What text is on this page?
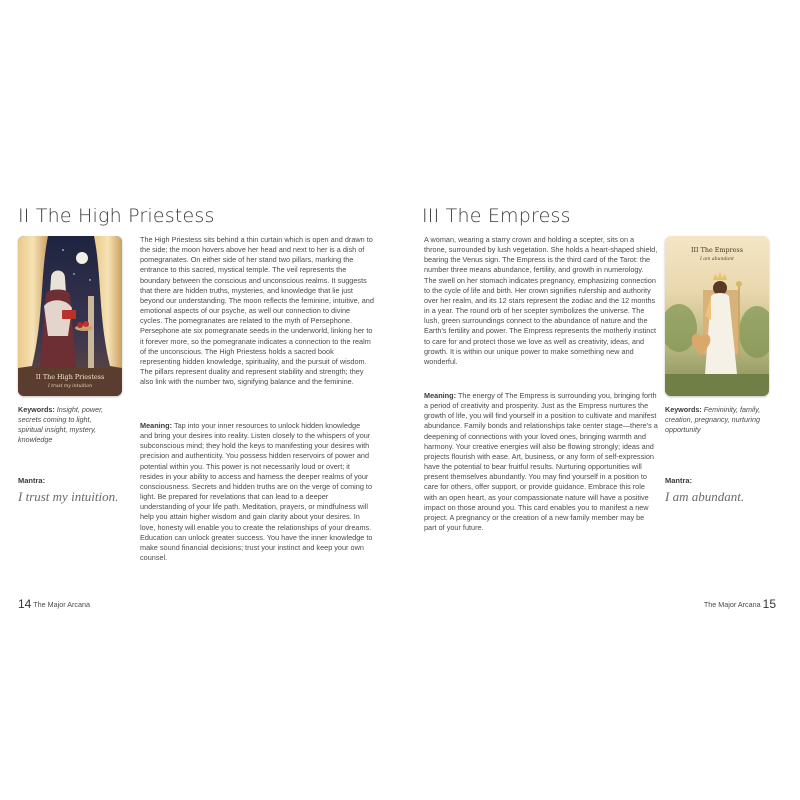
II The High Priestess
II The High Priestess
I trust my intuition

Keywords: Insight, power, secrets coming to light, spiritual insight, mystery, knowledge

Mantra:
I trust my intuition.

The High Priestess sits behind a thin curtain which is open and drawn to the side; the moon hovers above her head and next to her is a dish of pomegranates. On either side of her stand two pillars, marking the entrance to this sacred, mystical temple. The veil represents the boundary between the conscious and unconscious realms. It suggests that there are hidden truths, mysteries, and knowledge that lie just beyond our understanding. The moon reflects the feminine, intuitive, and emotional aspects of our psyche, as well our connection to divine cycles. The pomegranates are related to the myth of Persephone. Persephone ate six pomegranate seeds in the underworld, linking her to it forever more, so the pomegranate indicates a connection to the realm of the unconscious. The High Priestess holds a sacred book representing hidden knowledge, spirituality, and the pursuit of wisdom. The pillars represent duality and represent stability and strength; they also link with the number two, signifying balance and the feminine.

Meaning: Tap into your inner resources to unlock hidden knowledge and bring your desires into reality. Listen closely to the whispers of your subconscious mind; they hold the keys to manifesting your desires with precision and authenticity. You possess hidden reservoirs of power and potential within you. This power is not necessarily loud or overt; it resides in your ability to access and harness the deeper realms of your consciousness. Secrets and hidden truths are on the verge of coming to light. Be prepared for revelations that can lead to a deeper understanding of your life path. Meditation, prayers, or mindfulness will help you attain higher wisdom and gain clarity about your desires. In love, honesty will enable you to create the relationships of your dreams. Education can unlock greater success. You have the inner knowledge to make sound financial decisions; trust your instinct and keep your own counsel.

14 The Major Arcana
III The Empress

A woman, wearing a starry crown and holding a scepter, sits on a throne, surrounded by lush vegetation. She holds a heart-shaped shield, bearing the Venus sign. The Empress is the third card of the Tarot: the number three means abundance, fertility, and growth in numerology. The swell on her stomach indicates pregnancy, emphasizing connection to the cycle of life and birth. Her crown signifies rulership and authority over her realm, and its 12 stars represent the zodiac and the 12 months in a year. The round orb of her scepter symbolizes the universe. The lush, green surroundings connect to the abundance of nature and the Earth's fertility and power. The Empress represents the motherly instinct to care for and protect those we love as well as creativity, ideas, and growth. It is within our unique power to make something new and wonderful.

Meaning: The energy of The Empress is surrounding you, bringing forth a period of creativity and prosperity. Just as the Empress nurtures the growth of life, you will find yourself in a position to cultivate and manifest abundance. Family bonds and relationships take center stage—there's a deepening of connections with your loved ones, bringing warmth and harmony. Your creative energies will also be flowing strongly; ideas and projects flourish with ease. Art, business, or any form of self-expression have the potential to bear fruitful results. Nurturing opportunities will present themselves abundantly. You may find yourself in a position to care for others, offer support, or provide guidance. Embrace this role with an open heart, as your compassionate nature will have a positive impact on those around you. This card enables you to manifest a new project. A pregnancy or the creation of a new family member may be part of your future.

III The Empress
I am abundant

Keywords: Femininity, family, creation, pregnancy, nurturing opportunity

Mantra:
I am abundant.
The Major Arcana 15
